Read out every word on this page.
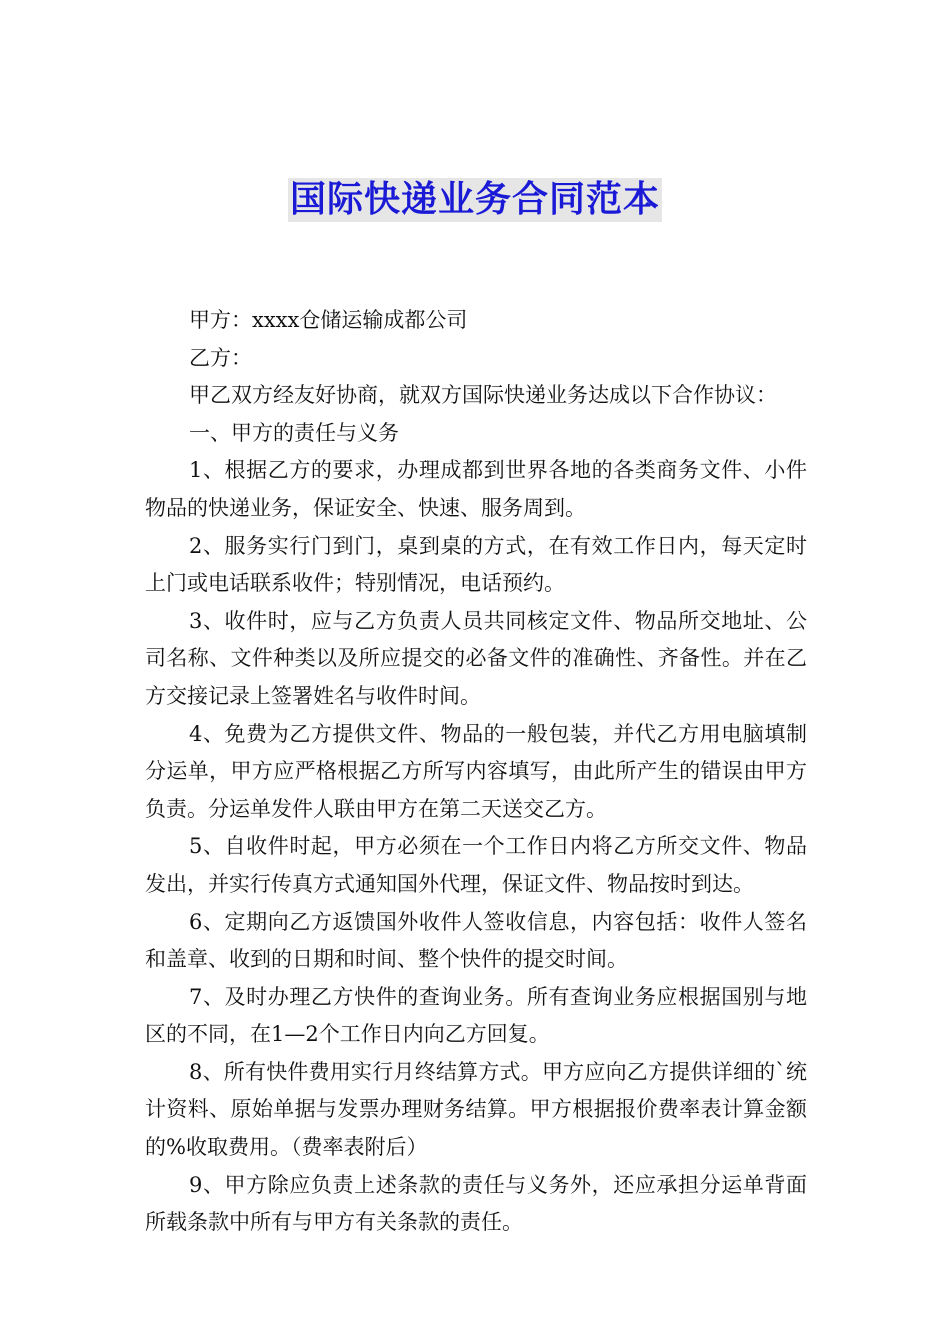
国际快递业务合同范本

甲方：xxxx仓储运输成都公司

乙方：

甲乙双方经友好协商，就双方国际快递业务达成以下合作协议：

一、甲方的责任与义务

1、根据乙方的要求，办理成都到世界各地的各类商务文件、小件物品的快递业务，保证安全、快速、服务周到。

2、服务实行门到门，桌到桌的方式，在有效工作日内，每天定时上门或电话联系收件；特别情况，电话预约。

3、收件时，应与乙方负责人员共同核定文件、物品所交地址、公司名称、文件种类以及所应提交的必备文件的准确性、齐备性。并在乙方交接记录上签署姓名与收件时间。

4、免费为乙方提供文件、物品的一般包装，并代乙方用电脑填制分运单，甲方应严格根据乙方所写内容填写，由此所产生的错误由甲方负责。分运单发件人联由甲方在第二天送交乙方。

5、自收件时起，甲方必须在一个工作日内将乙方所交文件、物品发出，并实行传真方式通知国外代理，保证文件、物品按时到达。

6、定期向乙方返馈国外收件人签收信息，内容包括：收件人签名和盖章、收到的日期和时间、整个快件的提交时间。

7、及时办理乙方快件的查询业务。所有查询业务应根据国别与地区的不同，在1—2个工作日内向乙方回复。

8、所有快件费用实行月终结算方式。甲方应向乙方提供详细的`统计资料、原始单据与发票办理财务结算。甲方根据报价费率表计算金额的%收取费用。（费率表附后）

9、甲方除应负责上述条款的责任与义务外，还应承担分运单背面所载条款中所有与甲方有关条款的责任。
